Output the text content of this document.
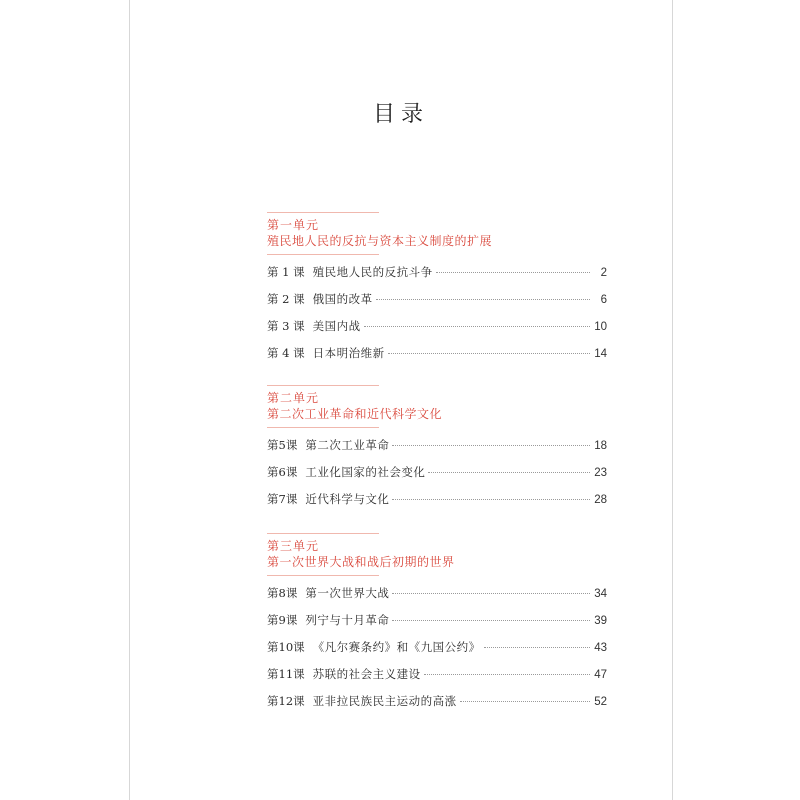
目录
第一单元
殖民地人民的反抗与资本主义制度的扩展
第 1 课 殖民地人民的反抗斗争	2
第 2 课 俄国的改革	6
第 3 课 美国内战	10
第 4 课 日本明治维新	14
第二单元
第二次工业革命和近代科学文化
第5课 第二次工业革命	18
第6课 工业化国家的社会变化	23
第7课 近代科学与文化	28
第三单元
第一次世界大战和战后初期的世界
第8课 第一次世界大战	34
第9课 列宁与十月革命	39
第10课 《凡尔赛条约》和《九国公约》	43
第11课 苏联的社会主义建设	47
第12课 亚非拉民族民主运动的高涨	52
